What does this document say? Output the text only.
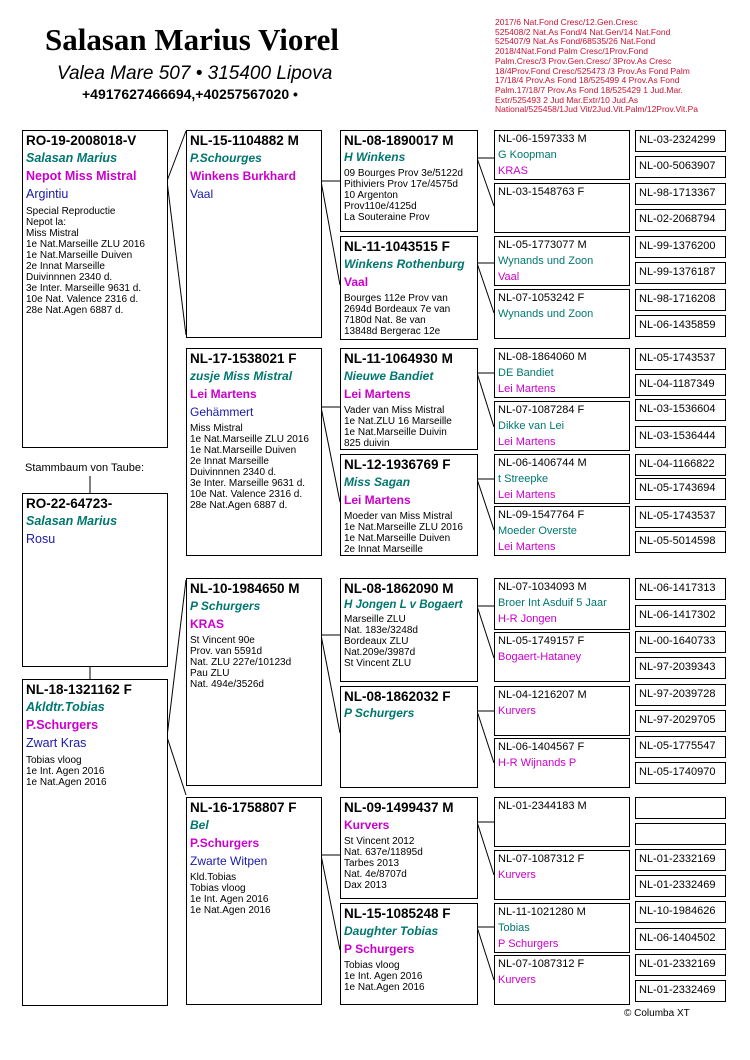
Salasan Marius Viorel
Valea Mare 507 • 315400 Lipova
+4917627466694,+40257567020 •
2017/6 Nat.Fond Cresc/12.Gen.Cresc
525408/2 Nat.As Fond/4 Nat.Gen/14 Nat.Fond
525407/9 Nat.As Fond/68535/26 Nat.Fond
2018/4Nat.Fond Palm Cresc/1Prov.Fond
Palm.Cresc/3 Prov.Gen.Cresc/ 3Prov.As Cresc
18/4Prov.Fond Cresc/525473 /3 Prov.As Fond Palm
17/18/4 Prov.As Fond 18/525499 4 Prov.As Fond
Palm.17/18/7 Prov.As Fond 18/525429 1 Jud.Mar.
Extr/525493 2 Jud Mar.Extr/10 Jud.As
National/525458/1Jud Vit/2Jud.Vit.Palm/12Prov.Vit.Pa
RO-19-2008018-V
Salasan Marius
Nepot Miss Mistral
Argintiu
Special Reproductie
Nepot la:
Miss Mistral
1e Nat.Marseille ZLU 2016
1e Nat.Marseille Duiven
2e Innat Marseille
Duivinnnen 2340 d.
3e Inter. Marseille 9631 d.
10e Nat. Valence 2316 d.
28e Nat.Agen 6887 d.
Stammbaum von Taube:
RO-22-64723-
Salasan Marius
Rosu
NL-18-1321162 F
Akldtr.Tobias
P.Schurgers
Zwart Kras
Tobias vloog
1e Int. Agen 2016
1e Nat.Agen 2016
NL-15-1104882 M
P.Schourges
Winkens Burkhard
Vaal
NL-17-1538021 F
zusje Miss Mistral
Lei Martens
Gehämmert
Miss Mistral
1e Nat.Marseille ZLU 2016
1e Nat.Marseille Duiven
2e Innat Marseille
Duivinnnen 2340 d.
3e Inter. Marseille 9631 d.
10e Nat. Valence 2316 d.
28e Nat.Agen 6887 d.
NL-10-1984650 M
P Schurgers
KRAS
St Vincent 90e
Prov. van 5591d
Nat. ZLU 227e/10123d
Pau ZLU
Nat. 494e/3526d
NL-16-1758807 F
Bel
P.Schurgers
Zwarte Witpen
Kld.Tobias
Tobias vloog
1e Int. Agen 2016
1e Nat.Agen 2016
NL-08-1890017 M
H Winkens
09 Bourges Prov 3e/5122d
Pithiviers Prov 17e/4575d
10 Argenton
Prov110e/4125d
La Souteraine Prov
NL-11-1043515 F
Winkens Rothenburg
Vaal
Bourges 112e Prov van
2694d Bordeaux 7e van
7180d Nat. 8e van
13848d Bergerac 12e
NL-11-1064930 M
Nieuwe Bandiet
Lei Martens
Vader van Miss Mistral
1e Nat.ZLU 16 Marseille
1e Nat.Marseille Duivin
825 duivin
NL-12-1936769 F
Miss Sagan
Lei Martens
Moeder van Miss Mistral
1e Nat.Marseille ZLU 2016
1e Nat.Marseille Duiven
2e Innat Marseille
NL-08-1862090 M
H Jongen L v Bogaert
Marseille ZLU
Nat. 183e/3248d
Bordeaux ZLU
Nat.209e/3987d
St Vincent ZLU
NL-08-1862032 F
P Schurgers
NL-09-1499437 M
Kurvers
St Vincent 2012
Nat. 637e/11895d
Tarbes 2013
Nat. 4e/8707d
Dax 2013
NL-15-1085248 F
Daughter Tobias
P Schurgers
Tobias vloog
1e Int. Agen 2016
1e Nat.Agen 2016
NL-06-1597333 M
G Koopman
KRAS
NL-03-1548763 F
NL-05-1773077 M
Wynands und Zoon
Vaal
NL-07-1053242 F
Wynands und Zoon
NL-08-1864060 M
DE Bandiet
Lei Martens
NL-07-1087284 F
Dikke van Lei
Lei Martens
NL-06-1406744 M
t Streepke
Lei Martens
NL-09-1547764 F
Moeder Overste
Lei Martens
NL-07-1034093 M
Broer Int Asduif 5 Jaar
H-R Jongen
NL-05-1749157 F
Bogaert-Hataney
NL-04-1216207 M
Kurvers
NL-06-1404567 F
H-R Wijnands P
NL-01-2344183 M
NL-07-1087312 F
Kurvers
NL-11-1021280 M
Tobias
P Schurgers
NL-07-1087312 F
Kurvers
NL-03-2324299
NL-00-5063907
NL-98-1713367
NL-02-2068794
NL-99-1376200
NL-99-1376187
NL-98-1716208
NL-06-1435859
NL-05-1743537
NL-04-1187349
NL-03-1536604
NL-03-1536444
NL-04-1166822
NL-05-1743694
NL-05-1743537
NL-05-5014598
NL-06-1417313
NL-06-1417302
NL-00-1640733
NL-97-2039343
NL-97-2039728
NL-97-2029705
NL-05-1775547
NL-05-1740970
NL-01-2332169
NL-01-2332469
NL-10-1984626
NL-06-1404502
NL-01-2332169
NL-01-2332469
© Columba XT
